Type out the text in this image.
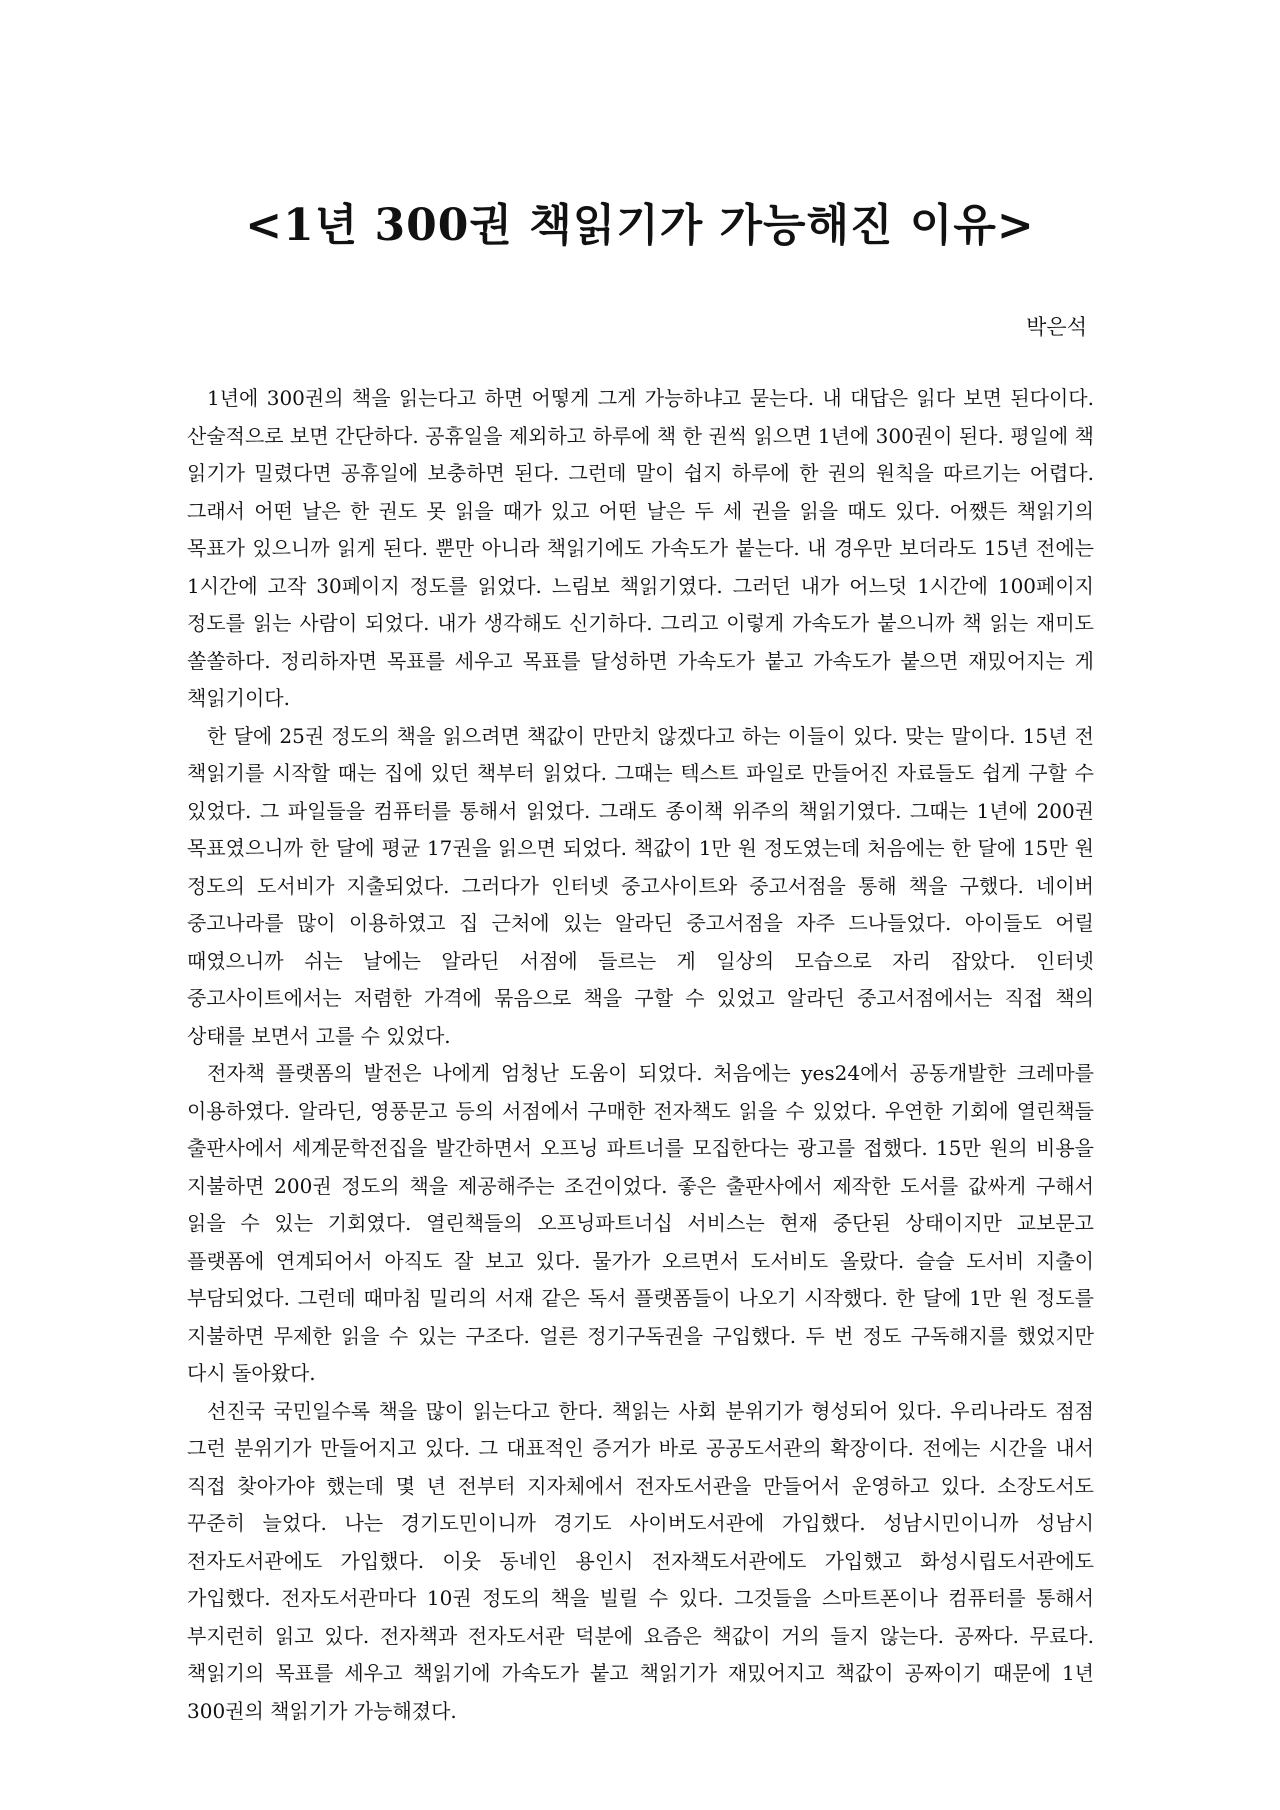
<1년 300권 책읽기가 가능해진 이유>

박은석

1년에 300권의 책을 읽는다고 하면 어떻게 그게 가능하냐고 묻는다. 내 대답은 읽다 보면 된다이다. 산술적으로 보면 간단하다. 공휴일을 제외하고 하루에 책 한 권씩 읽으면 1년에 300권이 된다. 평일에 책 읽기가 밀렸다면 공휴일에 보충하면 된다. 그런데 말이 쉽지 하루에 한 권의 원칙을 따르기는 어렵다. 그래서 어떤 날은 한 권도 못 읽을 때가 있고 어떤 날은 두 세 권을 읽을 때도 있다. 어쨌든 책읽기의 목표가 있으니까 읽게 된다. 뿐만 아니라 책읽기에도 가속도가 붙는다. 내 경우만 보더라도 15년 전에는 1시간에 고작 30페이지 정도를 읽었다. 느림보 책읽기였다. 그러던 내가 어느덧 1시간에 100페이지 정도를 읽는 사람이 되었다. 내가 생각해도 신기하다. 그리고 이렇게 가속도가 붙으니까 책 읽는 재미도 쏠쏠하다. 정리하자면 목표를 세우고 목표를 달성하면 가속도가 붙고 가속도가 붙으면 재밌어지는 게 책읽기이다.

한 달에 25권 정도의 책을 읽으려면 책값이 만만치 않겠다고 하는 이들이 있다. 맞는 말이다. 15년 전 책읽기를 시작할 때는 집에 있던 책부터 읽었다. 그때는 텍스트 파일로 만들어진 자료들도 쉽게 구할 수 있었다. 그 파일들을 컴퓨터를 통해서 읽었다. 그래도 종이책 위주의 책읽기였다. 그때는 1년에 200권 목표였으니까 한 달에 평균 17권을 읽으면 되었다. 책값이 1만 원 정도였는데 처음에는 한 달에 15만 원 정도의 도서비가 지출되었다. 그러다가 인터넷 중고사이트와 중고서점을 통해 책을 구했다. 네이버 중고나라를 많이 이용하였고 집 근처에 있는 알라딘 중고서점을 자주 드나들었다. 아이들도 어릴 때였으니까 쉬는 날에는 알라딘 서점에 들르는 게 일상의 모습으로 자리 잡았다. 인터넷 중고사이트에서는 저렴한 가격에 묶음으로 책을 구할 수 있었고 알라딘 중고서점에서는 직접 책의 상태를 보면서 고를 수 있었다.

전자책 플랫폼의 발전은 나에게 엄청난 도움이 되었다. 처음에는 yes24에서 공동개발한 크레마를 이용하였다. 알라딘, 영풍문고 등의 서점에서 구매한 전자책도 읽을 수 있었다. 우연한 기회에 열린책들 출판사에서 세계문학전집을 발간하면서 오프닝 파트너를 모집한다는 광고를 접했다. 15만 원의 비용을 지불하면 200권 정도의 책을 제공해주는 조건이었다. 좋은 출판사에서 제작한 도서를 값싸게 구해서 읽을 수 있는 기회였다. 열린책들의 오프닝파트너십 서비스는 현재 중단된 상태이지만 교보문고 플랫폼에 연계되어서 아직도 잘 보고 있다. 물가가 오르면서 도서비도 올랐다. 슬슬 도서비 지출이 부담되었다. 그런데 때마침 밀리의 서재 같은 독서 플랫폼들이 나오기 시작했다. 한 달에 1만 원 정도를 지불하면 무제한 읽을 수 있는 구조다. 얼른 정기구독권을 구입했다. 두 번 정도 구독해지를 했었지만 다시 돌아왔다.

선진국 국민일수록 책을 많이 읽는다고 한다. 책읽는 사회 분위기가 형성되어 있다. 우리나라도 점점 그런 분위기가 만들어지고 있다. 그 대표적인 증거가 바로 공공도서관의 확장이다. 전에는 시간을 내서 직접 찾아가야 했는데 몇 년 전부터 지자체에서 전자도서관을 만들어서 운영하고 있다. 소장도서도 꾸준히 늘었다. 나는 경기도민이니까 경기도 사이버도서관에 가입했다. 성남시민이니까 성남시 전자도서관에도 가입했다. 이웃 동네인 용인시 전자책도서관에도 가입했고 화성시립도서관에도 가입했다. 전자도서관마다 10권 정도의 책을 빌릴 수 있다. 그것들을 스마트폰이나 컴퓨터를 통해서 부지런히 읽고 있다. 전자책과 전자도서관 덕분에 요즘은 책값이 거의 들지 않는다. 공짜다. 무료다. 책읽기의 목표를 세우고 책읽기에 가속도가 붙고 책읽기가 재밌어지고 책값이 공짜이기 때문에 1년 300권의 책읽기가 가능해졌다.
